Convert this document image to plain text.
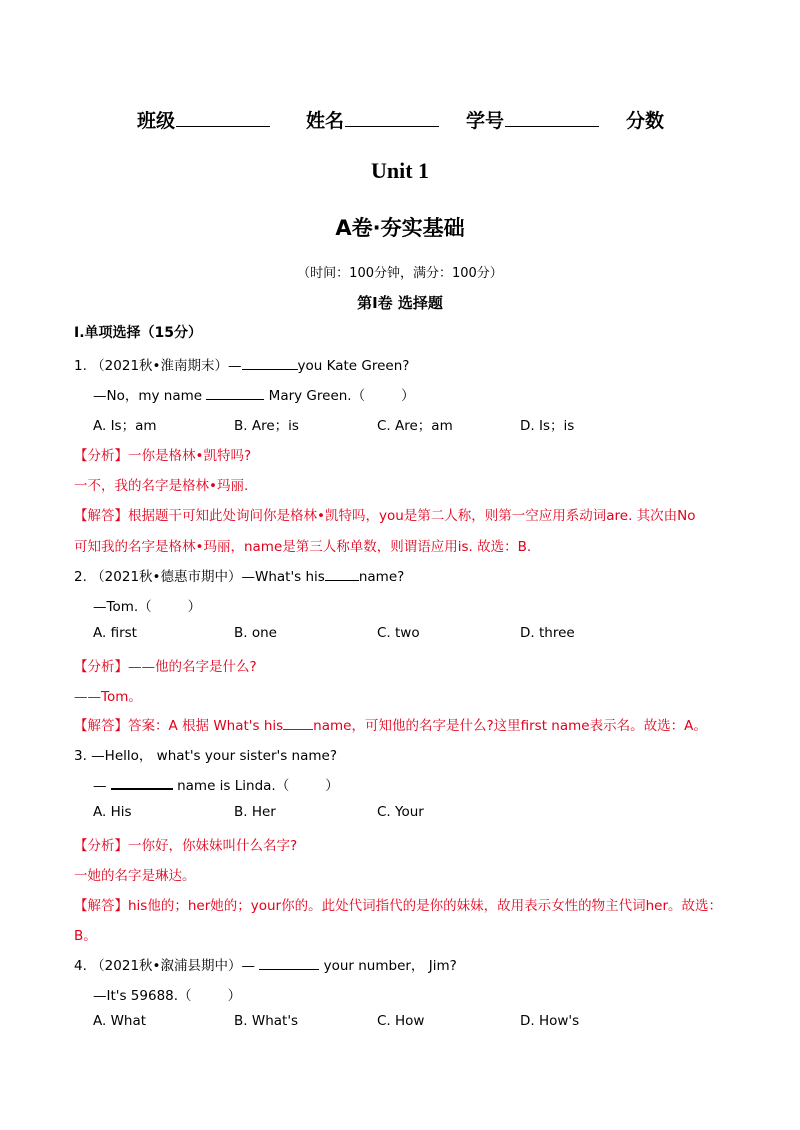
班级	姓名	学号	分数
Unit 1
A卷·夯实基础
（时间：100分钟，满分：100分）
第Ⅰ卷 选择题
Ⅰ.单项选择（15分）
1. （2021秋•淮南期末）—	you Kate Green?
—No，my name	Mary Green.（	）
A. Is；am	B. Are；is	C. Are；am	D. Is；is
【分析】一你是格林•凯特吗?
一不，我的名字是格林•玛丽.
【解答】根据题干可知此处询问你是格林•凯特吗，you是第二人称，则第一空应用系动词are. 其次由No
可知我的名字是格林•玛丽，name是第三人称单数，则谓语应用is. 故选：B.
2. （2021秋•德惠市期中）—What's his	name?
—Tom.（	）
A. first	B. one	C. two	D. three
【分析】——他的名字是什么?
——Tom。
【解答】答案：A 根据 What's his name，可知他的名字是什么?这里first name表示名。故选：A。
3. —Hello， what's your sister's name?
—	name is Linda.（	）
A. His	B. Her	C. Your
【分析】一你好，你妹妹叫什么名字?
一她的名字是琳达。
【解答】his他的；her她的；your你的。此处代词指代的是你的妹妹，故用表示女性的物主代词her。故选：
B。
4. （2021秋•溆浦县期中）—	your number， Jim?
—It's 59688.（	）
A. What	B. What's	C. How	D. How's
